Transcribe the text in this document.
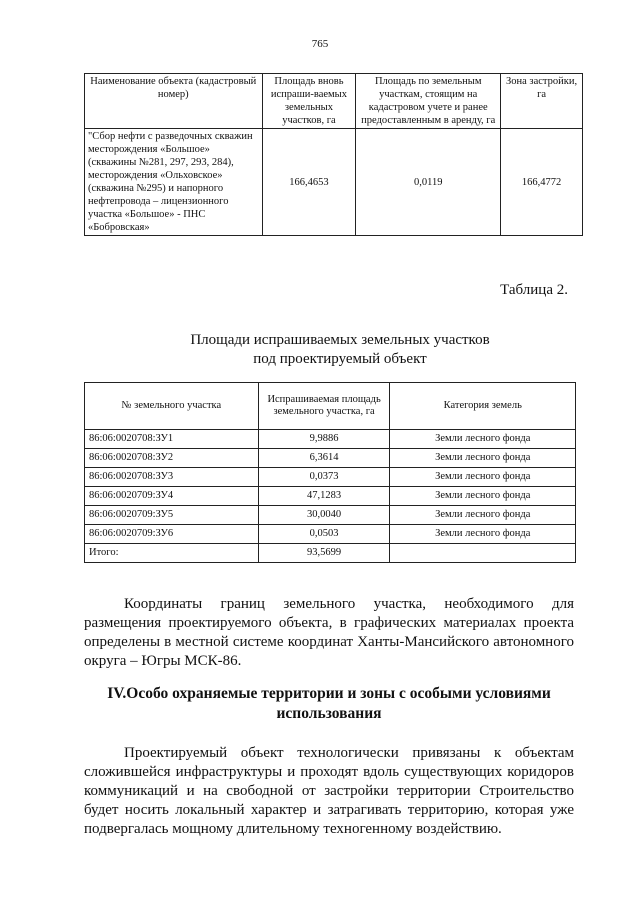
765
Наименование объекта (кадастровый номер)	Площадь вновь испраши-ваемых земельных участков, га	Площадь по земельным участкам, стоящим на кадастровом учете и ранее предоставленным в аренду, га	Зона застройки, га
"Сбор нефти с разведочных скважин месторождения «Большое» (скважины №281, 297, 293, 284), месторождения «Ольховское» (скважина №295) и напорного нефтепровода – лицензионного участка «Большое» - ПНС «Бобровская»	166,4653	0,0119	166,4772
Таблица 2.
Площади испрашиваемых земельных участков
под проектируемый объект
№ земельного участка	Испрашиваемая площадь земельного участка, га	Категория земель
86:06:0020708:ЗУ1	9,9886	Земли лесного фонда
86:06:0020708:ЗУ2	6,3614	Земли лесного фонда
86:06:0020708:ЗУ3	0,0373	Земли лесного фонда
86:06:0020709:ЗУ4	47,1283	Земли лесного фонда
86:06:0020709:ЗУ5	30,0040	Земли лесного фонда
86:06:0020709:ЗУ6	0,0503	Земли лесного фонда
Итого:	93,5699	

Координаты границ земельного участка, необходимого для размещения проектируемого объекта, в графических материалах проекта определены в местной системе координат Ханты-Мансийского автономного округа – Югры МСК-86.

IV.Особо охраняемые территории и зоны с особыми условиями использования

Проектируемый объект технологически привязаны к объектам сложившейся инфраструктуры и проходят вдоль существующих коридоров коммуникаций и на свободной от застройки территории Строительство будет носить локальный характер и затрагивать территорию, которая уже подвергалась мощному длительному техногенному воздействию.
